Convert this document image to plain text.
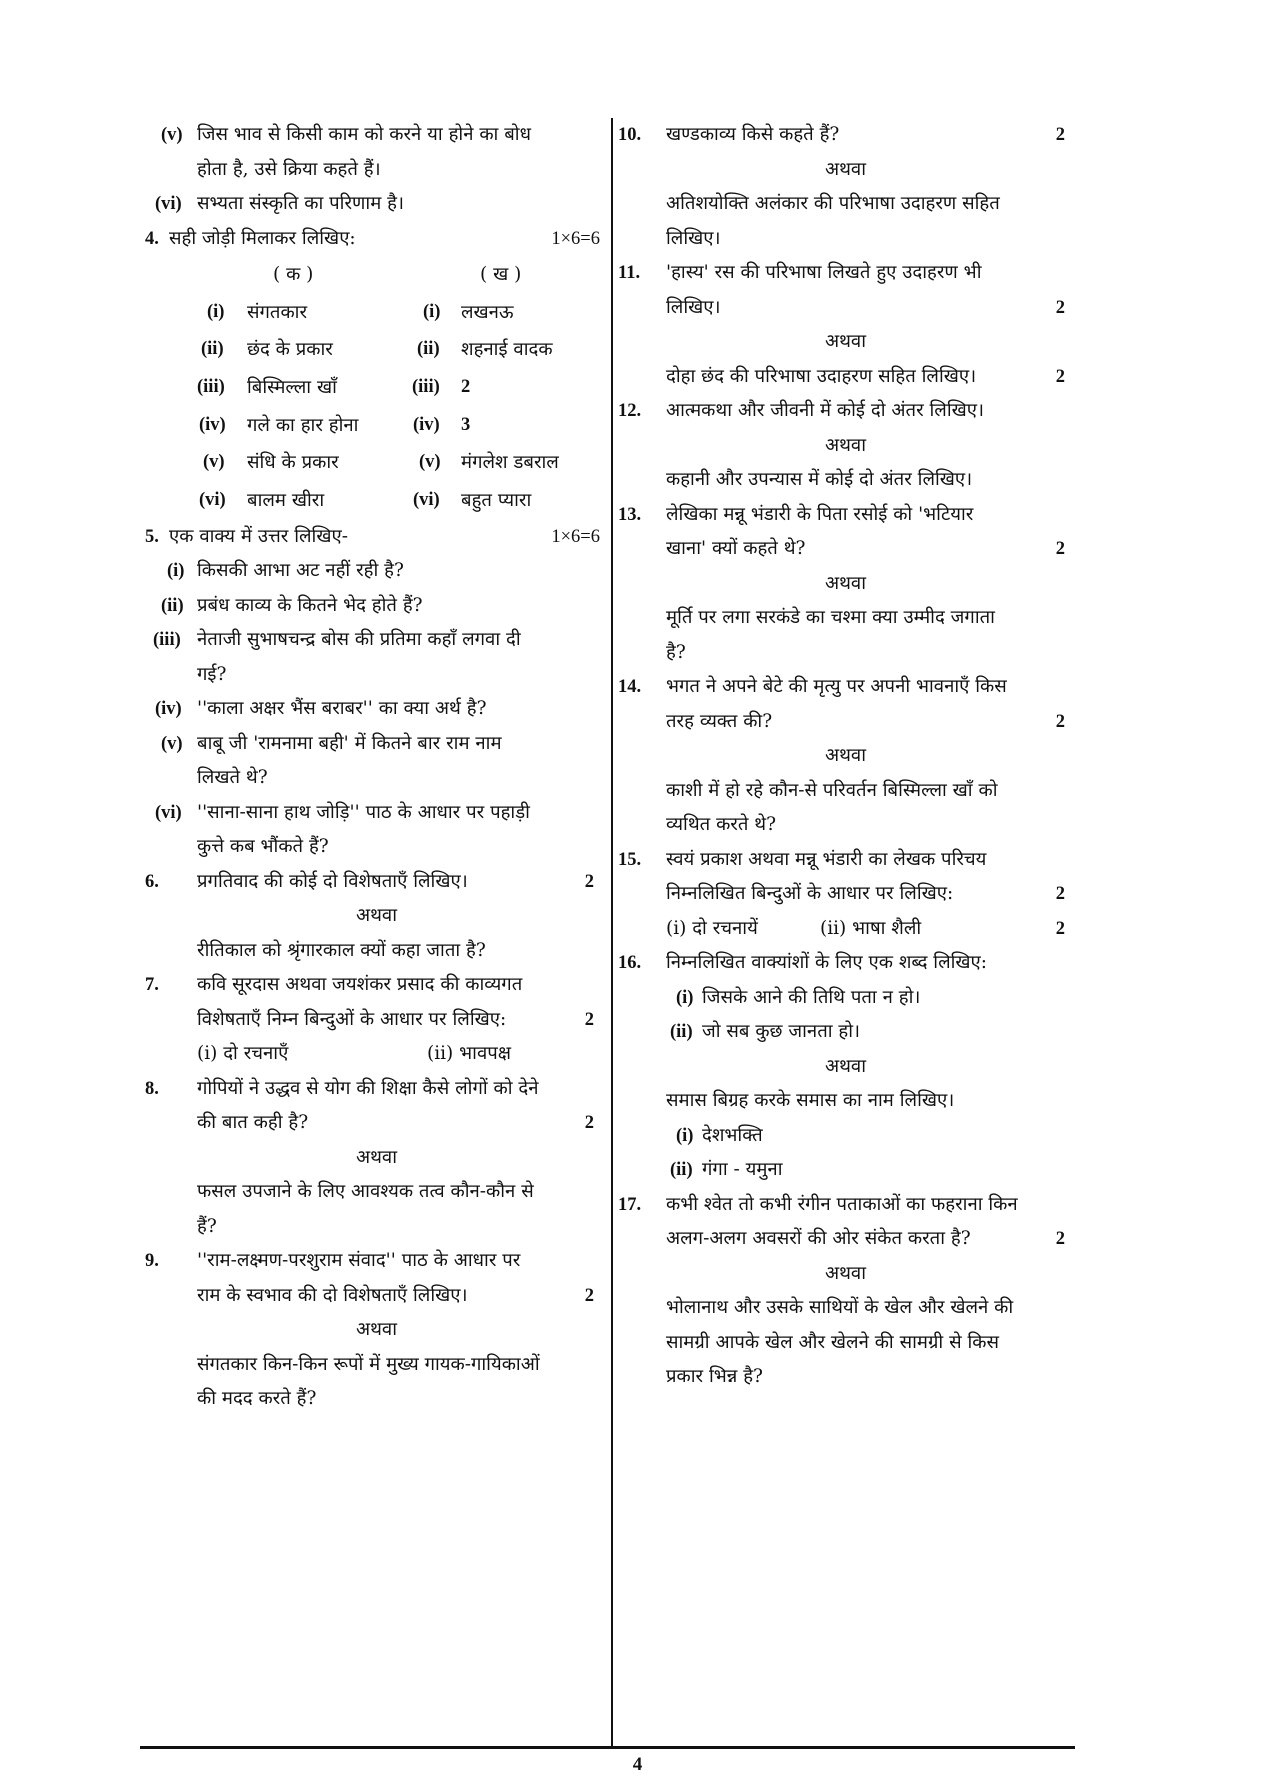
(v) जिस भाव से किसी काम को करने या होने का बोध
होता है, उसे क्रिया कहते हैं।
(vi) सभ्यता संस्कृति का परिणाम है।
4. सही जोड़ी मिलाकर लिखिए:	1×6=6
( क )	( ख )
(i) संगतकार	(i) लखनऊ
(ii) छंद के प्रकार	(ii) शहनाई वादक
(iii) बिस्मिल्ला खाँ	(iii) 2
(iv) गले का हार होना	(iv) 3
(v) संधि के प्रकार	(v) मंगलेश डबराल
(vi) बालम खीरा	(vi) बहुत प्यारा
5. एक वाक्य में उत्तर लिखिए-	1×6=6
(i) किसकी आभा अट नहीं रही है?
(ii) प्रबंध काव्य के कितने भेद होते हैं?
(iii) नेताजी सुभाषचन्द्र बोस की प्रतिमा कहाँ लगवा दी
गई?
(iv) ''काला अक्षर भैंस बराबर'' का क्या अर्थ है?
(v) बाबू जी 'रामनामा बही' में कितने बार राम नाम
लिखते थे?
(vi) ''साना-साना हाथ जोड़ि'' पाठ के आधार पर पहाड़ी
कुत्ते कब भौंकते हैं?
6. प्रगतिवाद की कोई दो विशेषताएँ लिखिए।	2
अथवा
रीतिकाल को श्रृंगारकाल क्यों कहा जाता है?
7. कवि सूरदास अथवा जयशंकर प्रसाद की काव्यगत
विशेषताएँ निम्न बिन्दुओं के आधार पर लिखिए:	2
(i) दो रचनाएँ	(ii) भावपक्ष
8. गोपियों ने उद्धव से योग की शिक्षा कैसे लोगों को देने
की बात कही है?	2
अथवा
फसल उपजाने के लिए आवश्यक तत्व कौन-कौन से
हैं?
9. ''राम-लक्ष्मण-परशुराम संवाद'' पाठ के आधार पर
राम के स्वभाव की दो विशेषताएँ लिखिए।	2
अथवा
संगतकार किन-किन रूपों में मुख्य गायक-गायिकाओं
की मदद करते हैं?
10. खण्डकाव्य किसे कहते हैं?	2
अथवा
अतिशयोक्ति अलंकार की परिभाषा उदाहरण सहित
लिखिए।
11. 'हास्य' रस की परिभाषा लिखते हुए उदाहरण भी
लिखिए।	2
अथवा
दोहा छंद की परिभाषा उदाहरण सहित लिखिए।	2
12. आत्मकथा और जीवनी में कोई दो अंतर लिखिए।
अथवा
कहानी और उपन्यास में कोई दो अंतर लिखिए।
13. लेखिका मन्नू भंडारी के पिता रसोई को 'भटियार
खाना' क्यों कहते थे?	2
अथवा
मूर्ति पर लगा सरकंडे का चश्मा क्या उम्मीद जगाता
है?
14. भगत ने अपने बेटे की मृत्यु पर अपनी भावनाएँ किस
तरह व्यक्त की?	2
अथवा
काशी में हो रहे कौन-से परिवर्तन बिस्मिल्ला खाँ को
व्यथित करते थे?
15. स्वयं प्रकाश अथवा मन्नू भंडारी का लेखक परिचय
निम्नलिखित बिन्दुओं के आधार पर लिखिए:	2
(i) दो रचनायें	(ii) भाषा शैली	2
16. निम्नलिखित वाक्यांशों के लिए एक शब्द लिखिए:
(i) जिसके आने की तिथि पता न हो।
(ii) जो सब कुछ जानता हो।
अथवा
समास बिग्रह करके समास का नाम लिखिए।
(i) देशभक्ति
(ii) गंगा - यमुना
17. कभी श्वेत तो कभी रंगीन पताकाओं का फहराना किन
अलग-अलग अवसरों की ओर संकेत करता है?	2
अथवा
भोलानाथ और उसके साथियों के खेल और खेलने की
सामग्री आपके खेल और खेलने की सामग्री से किस
प्रकार भिन्न है?
4
